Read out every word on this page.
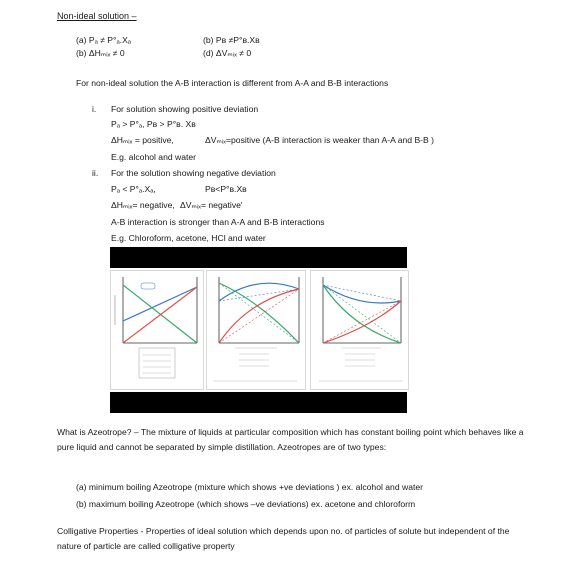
Non-ideal solution –
(a) Pₐ ≠ P°ₐ.Xₐ
(b) ΔHₘᵢₓ ≠ 0
(b) Pʙ ≠P°ʙ.Xʙ
(d) ΔVₘᵢₓ ≠ 0
For non-ideal solution the A-B interaction is different from A-A and B-B interactions
i. For solution showing positive deviation
Pₐ > P°ₐ, Pʙ > P°ʙ. Xʙ
ΔHₘᵢₓ = positive,	ΔVₘᵢₓ=positive (A-B interaction is weaker than A-A and B-B )
E.g. alcohol and water
ii. For the solution showing negative deviation
Pₐ < P°ₐ.Xₐ,	Pʙ<P°ʙ.Xʙ
ΔHₘᵢₓ= negative, ΔVₘᵢₓ= negative'
A-B interaction is stronger than A-A and B-B interactions
E.g. Chloroform, acetone, HCl and water
What is Azeotrope? – The mixture of liquids at particular composition which has constant boiling point which behaves like a pure liquid and cannot be separated by simple distillation. Azeotropes are of two types:
(a) minimum boiling Azeotrope (mixture which shows +ve deviations ) ex. alcohol and water
(b) maximum boiling Azeotrope (which shows –ve deviations) ex. acetone and chloroform
Colligative Properties - Properties of ideal solution which depends upon no. of particles of solute but independent of the nature of particle are called colligative property
